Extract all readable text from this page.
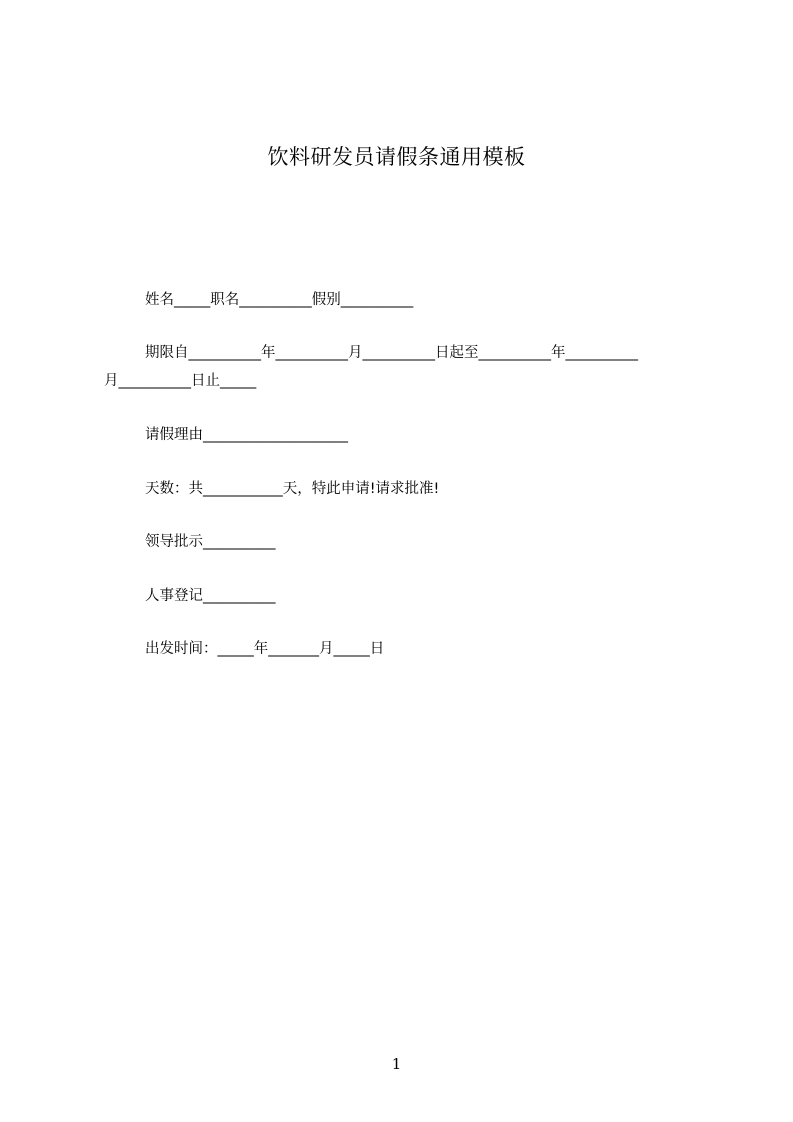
饮料研发员请假条通用模板
姓名_____职名__________假别__________
期限自__________年__________月__________日起至__________年__________
月__________日止_____
请假理由____________________
天数：共___________天，特此申请!请求批准!
领导批示__________
人事登记__________
出发时间：_____年_______月_____日
1
